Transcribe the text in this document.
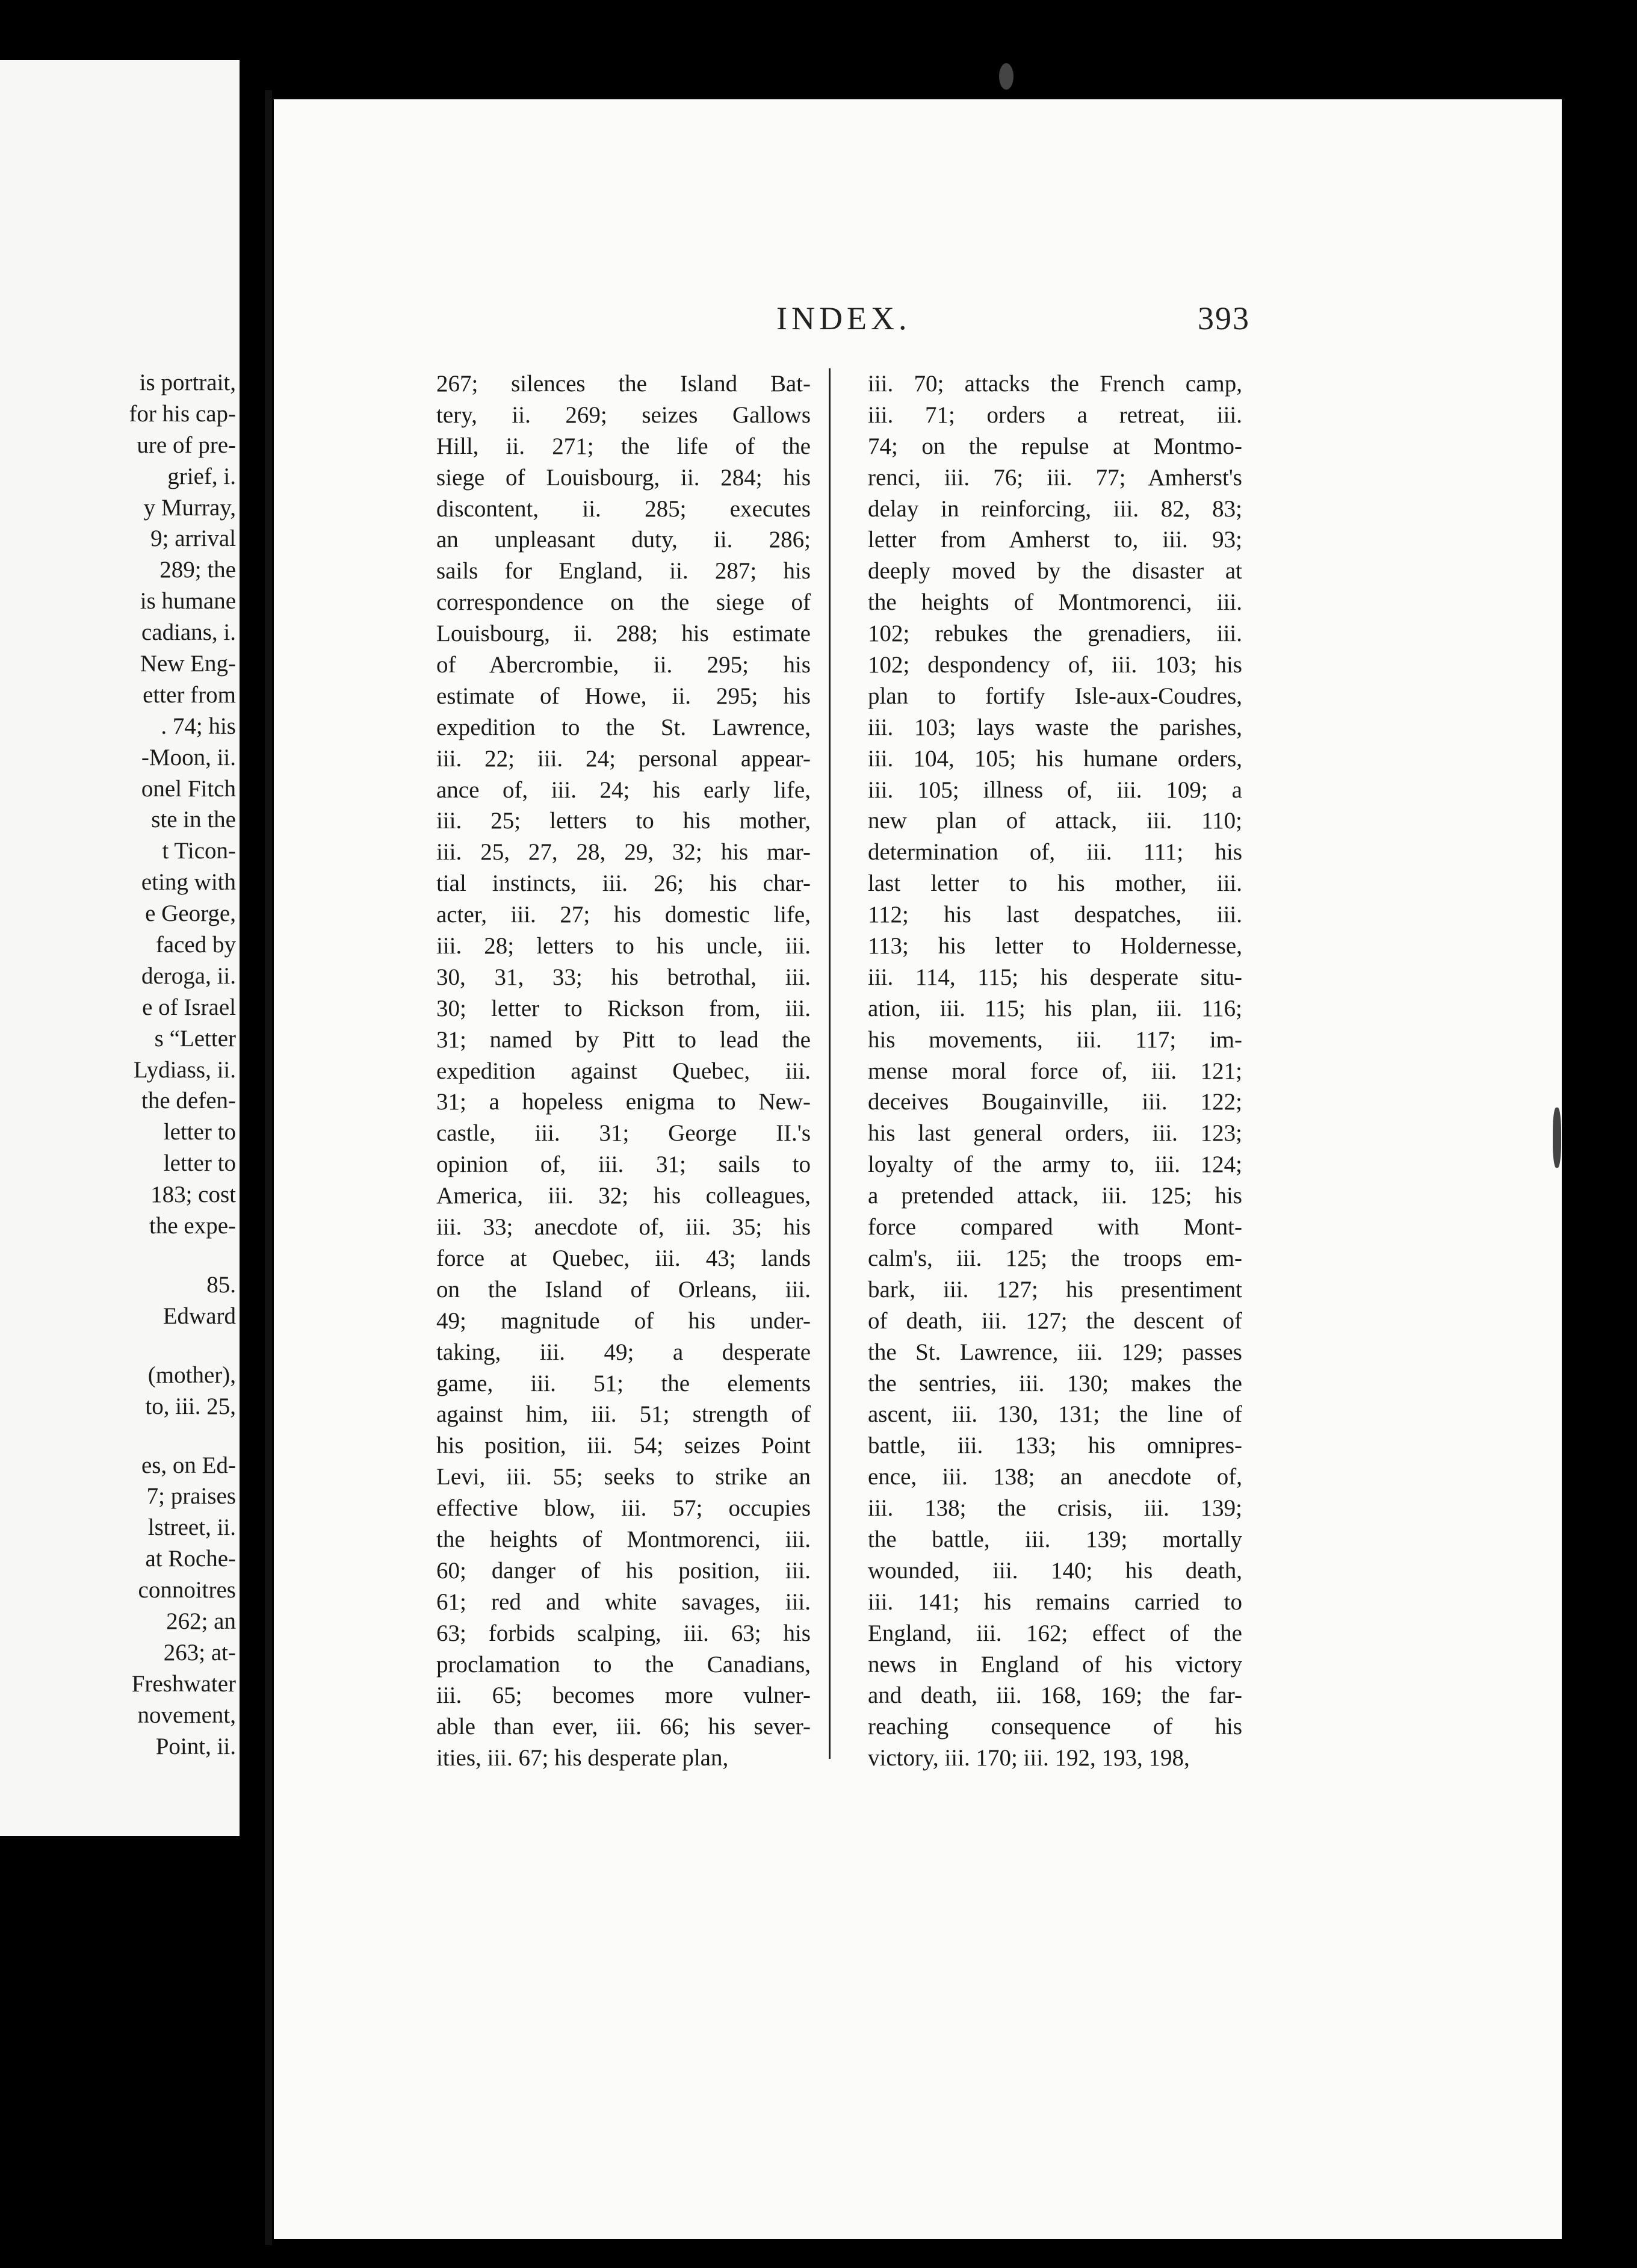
is portrait,
for his cap-
ure of pre-
grief, i.
y Murray,
9; arrival
289; the
is humane
cadians, i.
New Eng-
etter from
. 74; his
-Moon, ii.
onel Fitch
ste in the
t Ticon-
eting with
e George,
faced by
deroga, ii.
e of Israel
s “Letter
Lydiass, ii.
the defen-
letter to
letter to
183; cost
the expe-
85.
Edward
(mother),
to, iii. 25,
es, on Ed-
7; praises
lstreet, ii.
at Roche-
connoitres
262; an
263; at-
Freshwater
novement,
Point, ii.
INDEX.	393
267; silences the Island Bat-
tery, ii. 269; seizes Gallows
Hill, ii. 271; the life of the
siege of Louisbourg, ii. 284; his
discontent, ii. 285; executes
an unpleasant duty, ii. 286;
sails for England, ii. 287; his
correspondence on the siege of
Louisbourg, ii. 288; his estimate
of Abercrombie, ii. 295; his
estimate of Howe, ii. 295; his
expedition to the St. Lawrence,
iii. 22; iii. 24; personal appear-
ance of, iii. 24; his early life,
iii. 25; letters to his mother,
iii. 25, 27, 28, 29, 32; his mar-
tial instincts, iii. 26; his char-
acter, iii. 27; his domestic life,
iii. 28; letters to his uncle, iii.
30, 31, 33; his betrothal, iii.
30; letter to Rickson from, iii.
31; named by Pitt to lead the
expedition against Quebec, iii.
31; a hopeless enigma to New-
castle, iii. 31; George II.'s
opinion of, iii. 31; sails to
America, iii. 32; his colleagues,
iii. 33; anecdote of, iii. 35; his
force at Quebec, iii. 43; lands
on the Island of Orleans, iii.
49; magnitude of his under-
taking, iii. 49; a desperate
game, iii. 51; the elements
against him, iii. 51; strength of
his position, iii. 54; seizes Point
Levi, iii. 55; seeks to strike an
effective blow, iii. 57; occupies
the heights of Montmorenci, iii.
60; danger of his position, iii.
61; red and white savages, iii.
63; forbids scalping, iii. 63; his
proclamation to the Canadians,
iii. 65; becomes more vulner-
able than ever, iii. 66; his sever-
ities, iii. 67; his desperate plan,
iii. 70; attacks the French camp,
iii. 71; orders a retreat, iii.
74; on the repulse at Montmo-
renci, iii. 76; iii. 77; Amherst's
delay in reinforcing, iii. 82, 83;
letter from Amherst to, iii. 93;
deeply moved by the disaster at
the heights of Montmorenci, iii.
102; rebukes the grenadiers, iii.
102; despondency of, iii. 103; his
plan to fortify Isle-aux-Coudres,
iii. 103; lays waste the parishes,
iii. 104, 105; his humane orders,
iii. 105; illness of, iii. 109; a
new plan of attack, iii. 110;
determination of, iii. 111; his
last letter to his mother, iii.
112; his last despatches, iii.
113; his letter to Holdernesse,
iii. 114, 115; his desperate situ-
ation, iii. 115; his plan, iii. 116;
his movements, iii. 117; im-
mense moral force of, iii. 121;
deceives Bougainville, iii. 122;
his last general orders, iii. 123;
loyalty of the army to, iii. 124;
a pretended attack, iii. 125; his
force compared with Mont-
calm's, iii. 125; the troops em-
bark, iii. 127; his presentiment
of death, iii. 127; the descent of
the St. Lawrence, iii. 129; passes
the sentries, iii. 130; makes the
ascent, iii. 130, 131; the line of
battle, iii. 133; his omnipres-
ence, iii. 138; an anecdote of,
iii. 138; the crisis, iii. 139;
the battle, iii. 139; mortally
wounded, iii. 140; his death,
iii. 141; his remains carried to
England, iii. 162; effect of the
news in England of his victory
and death, iii. 168, 169; the far-
reaching consequence of his
victory, iii. 170; iii. 192, 193, 198,
